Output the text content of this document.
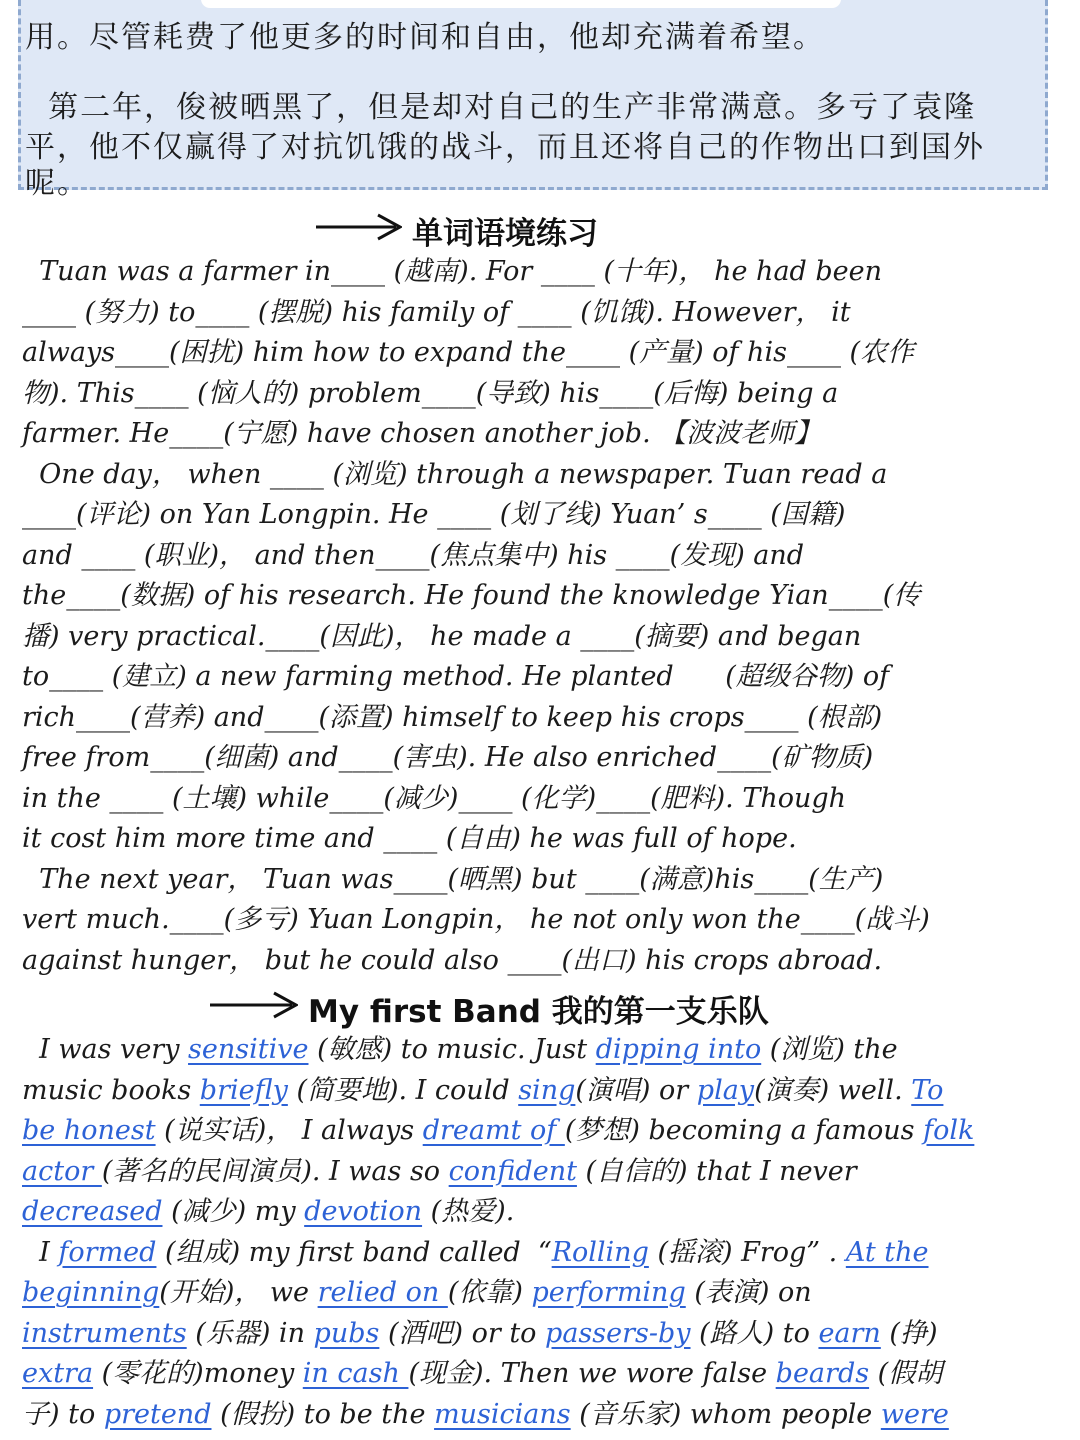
用。尽管耗费了他更多的时间和自由，他却充满着希望。
第二年，俊被晒黑了，但是却对自己的生产非常满意。多亏了袁隆
平，他不仅赢得了对抗饥饿的战斗，而且还将自己的作物出口到国外
呢。
单词语境练习
Tuan was a farmer in____ (越南). For ____ (十年)， he had been
____ (努力) to____ (摆脱) his family of ____ (饥饿). However， it
always____(困扰) him how to expand the____ (产量) of his____ (农作
物). This____ (恼人的) problem____(导致) his____(后悔) being a
farmer. He____(宁愿) have chosen another job. 【波波老师】
One day， when ____ (浏览) through a newspaper. Tuan read a
____(评论) on Yan Longpin. He ____ (划了线) Yuan’ s____ (国籍)
and ____ (职业)， and then____(焦点集中) his ____(发现) and
the____(数据) of his research. He found the knowledge Yian____(传
播) very practical.____(因此)， he made a ____(摘要) and began
to____ (建立) a new farming method. He planted      (超级谷物) of
rich____(营养) and____(添置) himself to keep his crops____ (根部)
free from____(细菌) and____(害虫). He also enriched____(矿物质)
in the ____ (土壤) while____(减少)____ (化学)____(肥料). Though
it cost him more time and ____ (自由) he was full of hope.
The next year， Tuan was____(晒黑) but ____(满意)his____(生产)
vert much.____(多亏) Yuan Longpin， he not only won the____(战斗)
against hunger， but he could also ____(出口) his crops abroad.
My first Band 我的第一支乐队
I was very sensitive (敏感) to music. Just dipping into (浏览) the
music books briefly (简要地). I could sing(演唱) or play(演奏) well. To
be honest (说实话)， I always dreamt of (梦想) becoming a famous folk
actor (著名的民间演员). I was so confident (自信的) that I never
decreased (减少) my devotion (热爱).
I formed (组成) my first band called  “Rolling (摇滚) Frog” . At the
beginning(开始)， we relied on (依靠) performing (表演) on
instruments (乐器) in pubs (酒吧) or to passers-by (路人) to earn (挣)
extra (零花的)money in cash (现金). Then we wore false beards (假胡
子) to pretend (假扮) to be the musicians (音乐家) whom people were
